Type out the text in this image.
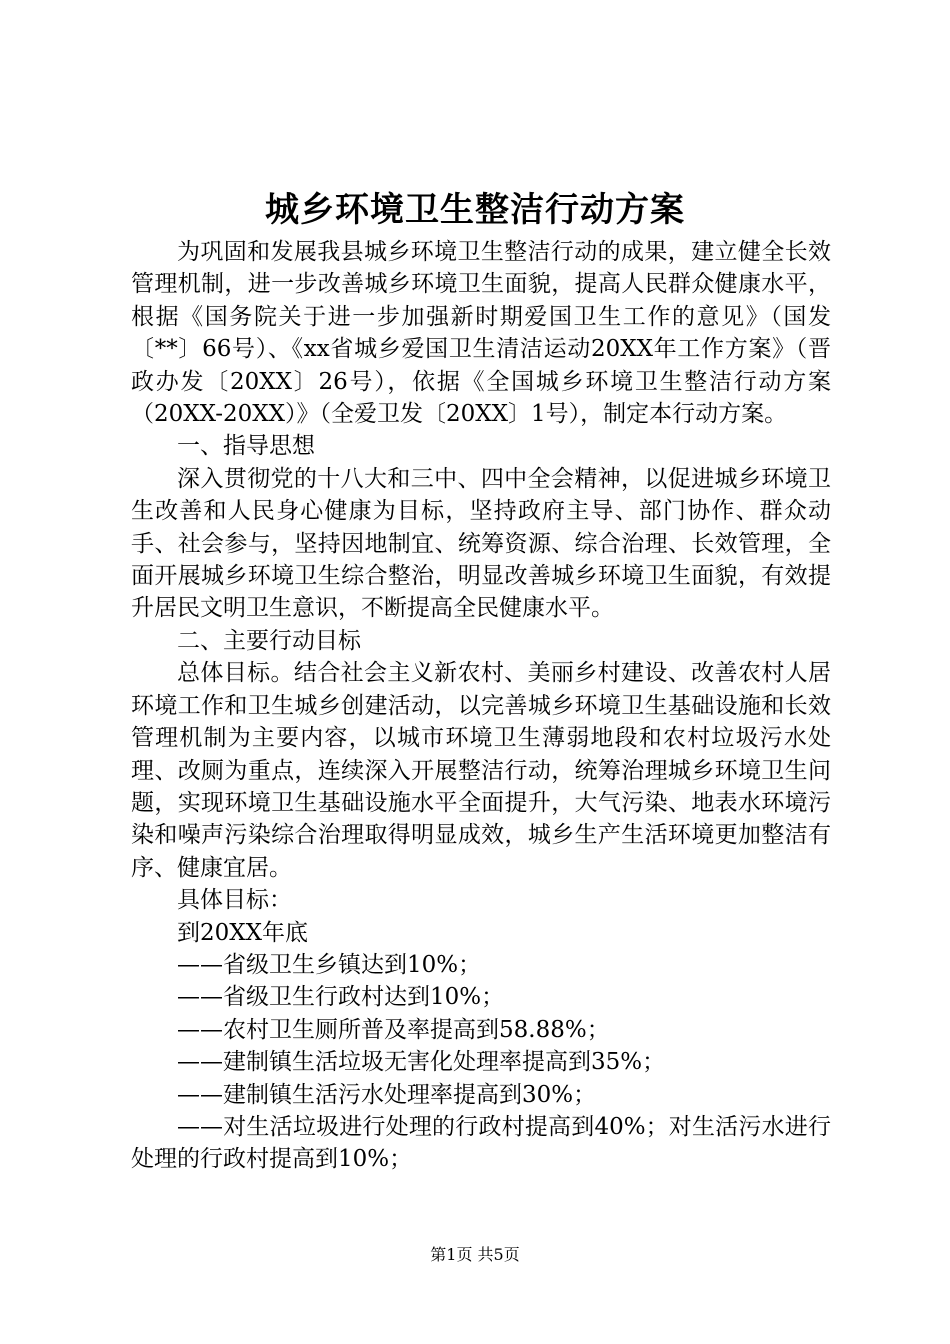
城乡环境卫生整洁行动方案

为巩固和发展我县城乡环境卫生整洁行动的成果，建立健全长效管理机制，进一步改善城乡环境卫生面貌，提高人民群众健康水平，根据《国务院关于进一步加强新时期爱国卫生工作的意见》（国发〔**〕66号）、《xx省城乡爱国卫生清洁运动20XX年工作方案》（晋政办发〔20XX〕26号），依据《全国城乡环境卫生整洁行动方案（20XX-20XX）》（全爱卫发〔20XX〕1号），制定本行动方案。

一、指导思想

深入贯彻党的十八大和三中、四中全会精神，以促进城乡环境卫生改善和人民身心健康为目标，坚持政府主导、部门协作、群众动手、社会参与，坚持因地制宜、统筹资源、综合治理、长效管理，全面开展城乡环境卫生综合整治，明显改善城乡环境卫生面貌，有效提升居民文明卫生意识，不断提高全民健康水平。

二、主要行动目标

总体目标。结合社会主义新农村、美丽乡村建设、改善农村人居环境工作和卫生城乡创建活动，以完善城乡环境卫生基础设施和长效管理机制为主要内容，以城市环境卫生薄弱地段和农村垃圾污水处理、改厕为重点，连续深入开展整洁行动，统筹治理城乡环境卫生问题，实现环境卫生基础设施水平全面提升，大气污染、地表水环境污染和噪声污染综合治理取得明显成效，城乡生产生活环境更加整洁有序、健康宜居。

具体目标：

到20XX年底

——省级卫生乡镇达到10%；

——省级卫生行政村达到10%；

——农村卫生厕所普及率提高到58.88%；

——建制镇生活垃圾无害化处理率提高到35%；

——建制镇生活污水处理率提高到30%；

——对生活垃圾进行处理的行政村提高到40%；对生活污水进行处理的行政村提高到10%；

第1页 共5页
